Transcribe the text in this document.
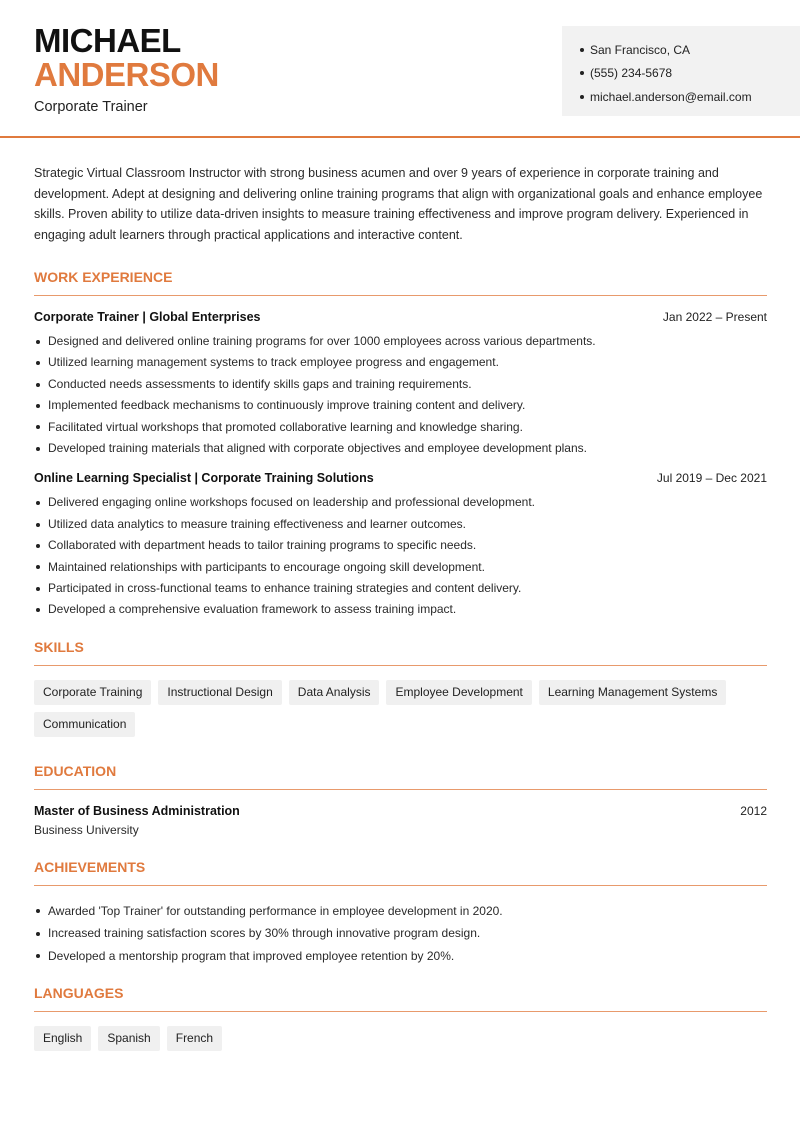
MICHAEL
ANDERSON
Corporate Trainer
San Francisco, CA
(555) 234-5678
michael.anderson@email.com

Strategic Virtual Classroom Instructor with strong business acumen and over 9 years of experience in corporate training and development. Adept at designing and delivering online training programs that align with organizational goals and enhance employee skills. Proven ability to utilize data-driven insights to measure training effectiveness and improve program delivery. Experienced in engaging adult learners through practical applications and interactive content.

WORK EXPERIENCE
Corporate Trainer | Global Enterprises	Jan 2022 – Present
Designed and delivered online training programs for over 1000 employees across various departments.
Utilized learning management systems to track employee progress and engagement.
Conducted needs assessments to identify skills gaps and training requirements.
Implemented feedback mechanisms to continuously improve training content and delivery.
Facilitated virtual workshops that promoted collaborative learning and knowledge sharing.
Developed training materials that aligned with corporate objectives and employee development plans.
Online Learning Specialist | Corporate Training Solutions	Jul 2019 – Dec 2021
Delivered engaging online workshops focused on leadership and professional development.
Utilized data analytics to measure training effectiveness and learner outcomes.
Collaborated with department heads to tailor training programs to specific needs.
Maintained relationships with participants to encourage ongoing skill development.
Participated in cross-functional teams to enhance training strategies and content delivery.
Developed a comprehensive evaluation framework to assess training impact.
SKILLS
Corporate Training	Instructional Design	Data Analysis	Employee Development	Learning Management Systems
Communication
EDUCATION
Master of Business Administration	2012
Business University
ACHIEVEMENTS
Awarded 'Top Trainer' for outstanding performance in employee development in 2020.
Increased training satisfaction scores by 30% through innovative program design.
Developed a mentorship program that improved employee retention by 20%.
LANGUAGES
English	Spanish	French
